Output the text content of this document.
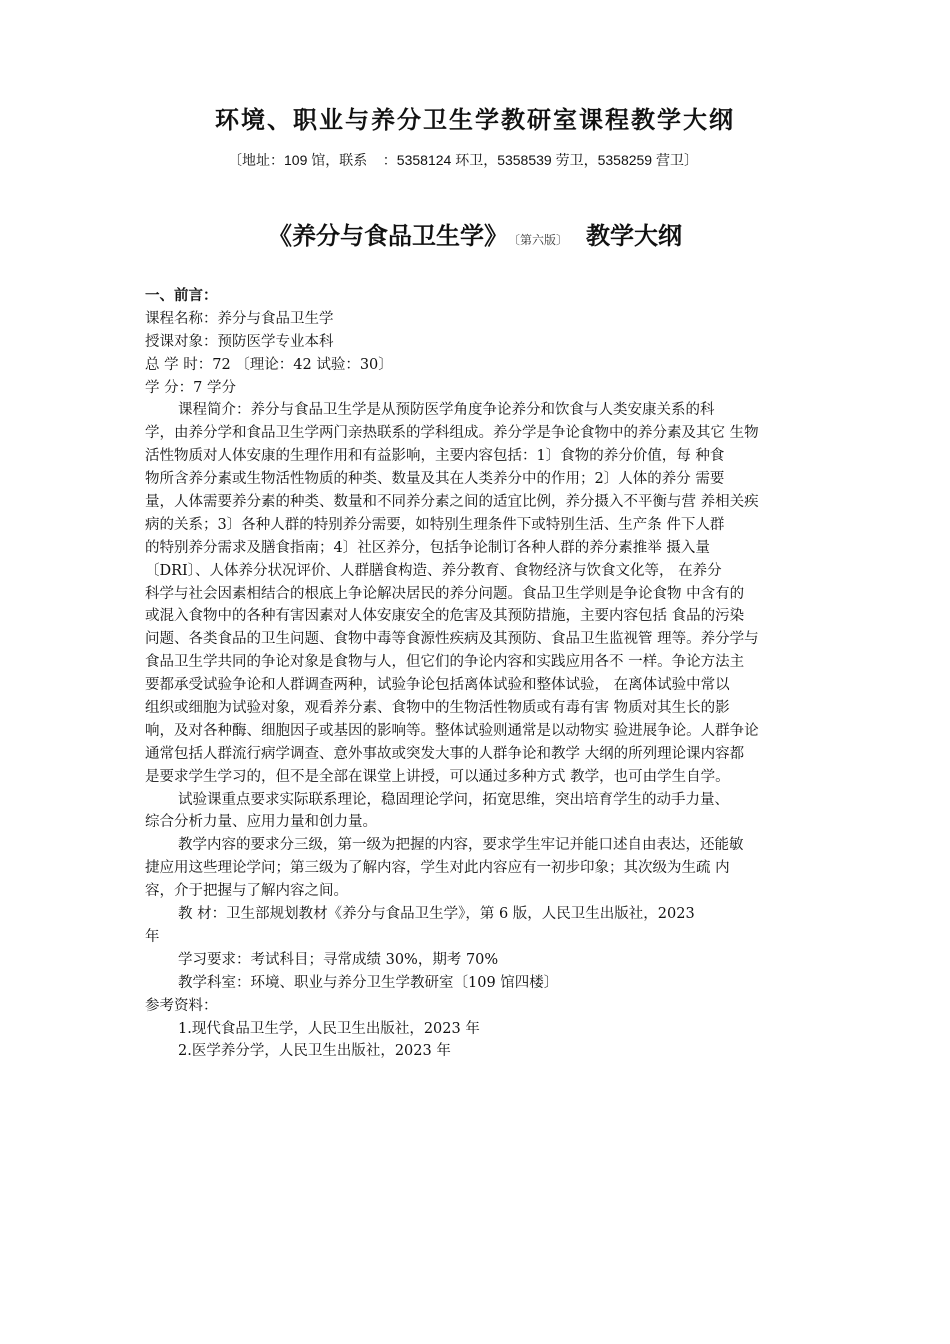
环境、职业与养分卫生学教研室课程教学大纲
〔地址：109 馆，联系    ：5358124 环卫，5358539 劳卫，5358259 营卫〕
《养分与食品卫生学》 〔第六版〕 教学大纲
一、前言：
课程名称：养分与食品卫生学
授课对象：预防医学专业本科
总 学 时：72 〔理论：42 试验：30〕
学 分：7 学分
课程简介：养分与食品卫生学是从预防医学角度争论养分和饮食与人类安康关系的科
学，由养分学和食品卫生学两门亲热联系的学科组成。养分学是争论食物中的养分素及其它 生物
活性物质对人体安康的生理作用和有益影响，主要内容包括：1〕食物的养分价值，每 种食
物所含养分素或生物活性物质的种类、数量及其在人类养分中的作用；2〕人体的养分 需要
量，人体需要养分素的种类、数量和不同养分素之间的适宜比例，养分摄入不平衡与营 养相关疾
病的关系；3〕各种人群的特别养分需要，如特别生理条件下或特别生活、生产条 件下人群
的特别养分需求及膳食指南；4〕社区养分，包括争论制订各种人群的养分素推举 摄入量
〔DRI〕、人体养分状况评价、人群膳食构造、养分教育、食物经济与饮食文化等， 在养分
科学与社会因素相结合的根底上争论解决居民的养分问题。食品卫生学则是争论食物 中含有的
或混入食物中的各种有害因素对人体安康安全的危害及其预防措施，主要内容包括 食品的污染
问题、各类食品的卫生问题、食物中毒等食源性疾病及其预防、食品卫生监视管 理等。养分学与
食品卫生学共同的争论对象是食物与人，但它们的争论内容和实践应用各不 一样。争论方法主
要都承受试验争论和人群调查两种，试验争论包括离体试验和整体试验， 在离体试验中常以
组织或细胞为试验对象，观看养分素、食物中的生物活性物质或有毒有害 物质对其生长的影
响，及对各种酶、细胞因子或基因的影响等。整体试验则通常是以动物实 验进展争论。人群争论
通常包括人群流行病学调查、意外事故或突发大事的人群争论和教学 大纲的所列理论课内容都
是要求学生学习的，但不是全部在课堂上讲授，可以通过多种方式 教学，也可由学生自学。
试验课重点要求实际联系理论，稳固理论学问，拓宽思维，突出培育学生的动手力量、
综合分析力量、应用力量和创力量。
教学内容的要求分三级，第一级为把握的内容，要求学生牢记并能口述自由表达，还能敏
捷应用这些理论学问；第三级为了解内容，学生对此内容应有一初步印象；其次级为生疏 内
容，介于把握与了解内容之间。
教 材：卫生部规划教材《养分与食品卫生学》，第 6 版，人民卫生出版社，2023
年
学习要求：考试科目；寻常成绩 30%，期考 70%
教学科室：环境、职业与养分卫生学教研室〔109 馆四楼〕
参考资料：
1.现代食品卫生学，人民卫生出版社，2023 年
2.医学养分学，人民卫生出版社，2023 年
